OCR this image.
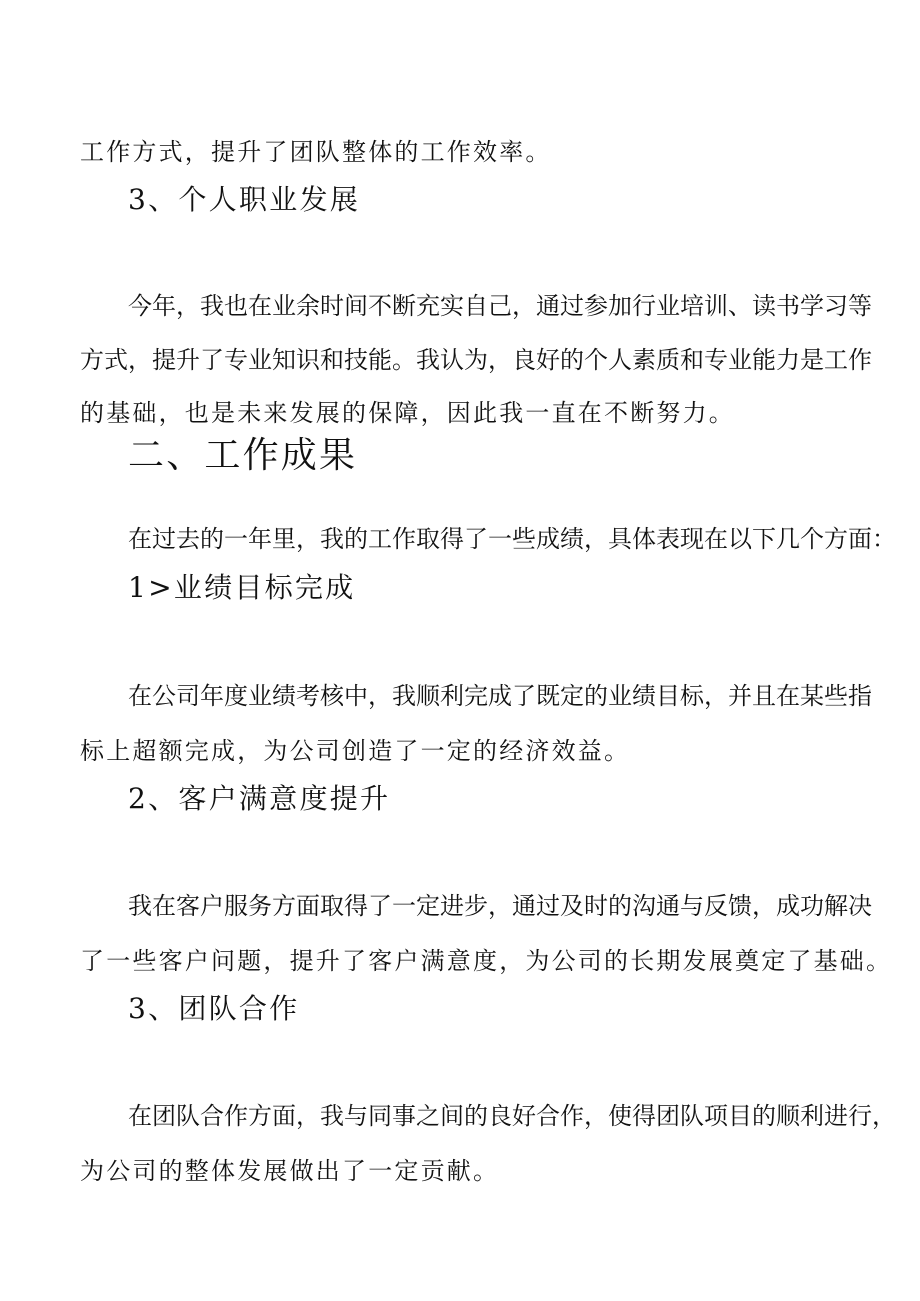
工作方式，提升了团队整体的工作效率。

3、个人职业发展

今年，我也在业余时间不断充实自己，通过参加行业培训、读书学习等

方式，提升了专业知识和技能。我认为，良好的个人素质和专业能力是工作

的基础，也是未来发展的保障，因此我一直在不断努力。

二、工作成果

在过去的一年里，我的工作取得了一些成绩，具体表现在以下几个方面：

1>业绩目标完成

在公司年度业绩考核中，我顺利完成了既定的业绩目标，并且在某些指

标上超额完成，为公司创造了一定的经济效益。

2、客户满意度提升

我在客户服务方面取得了一定进步，通过及时的沟通与反馈，成功解决

了一些客户问题，提升了客户满意度，为公司的长期发展奠定了基础。

3、团队合作

在团队合作方面，我与同事之间的良好合作，使得团队项目的顺利进行，

为公司的整体发展做出了一定贡献。
